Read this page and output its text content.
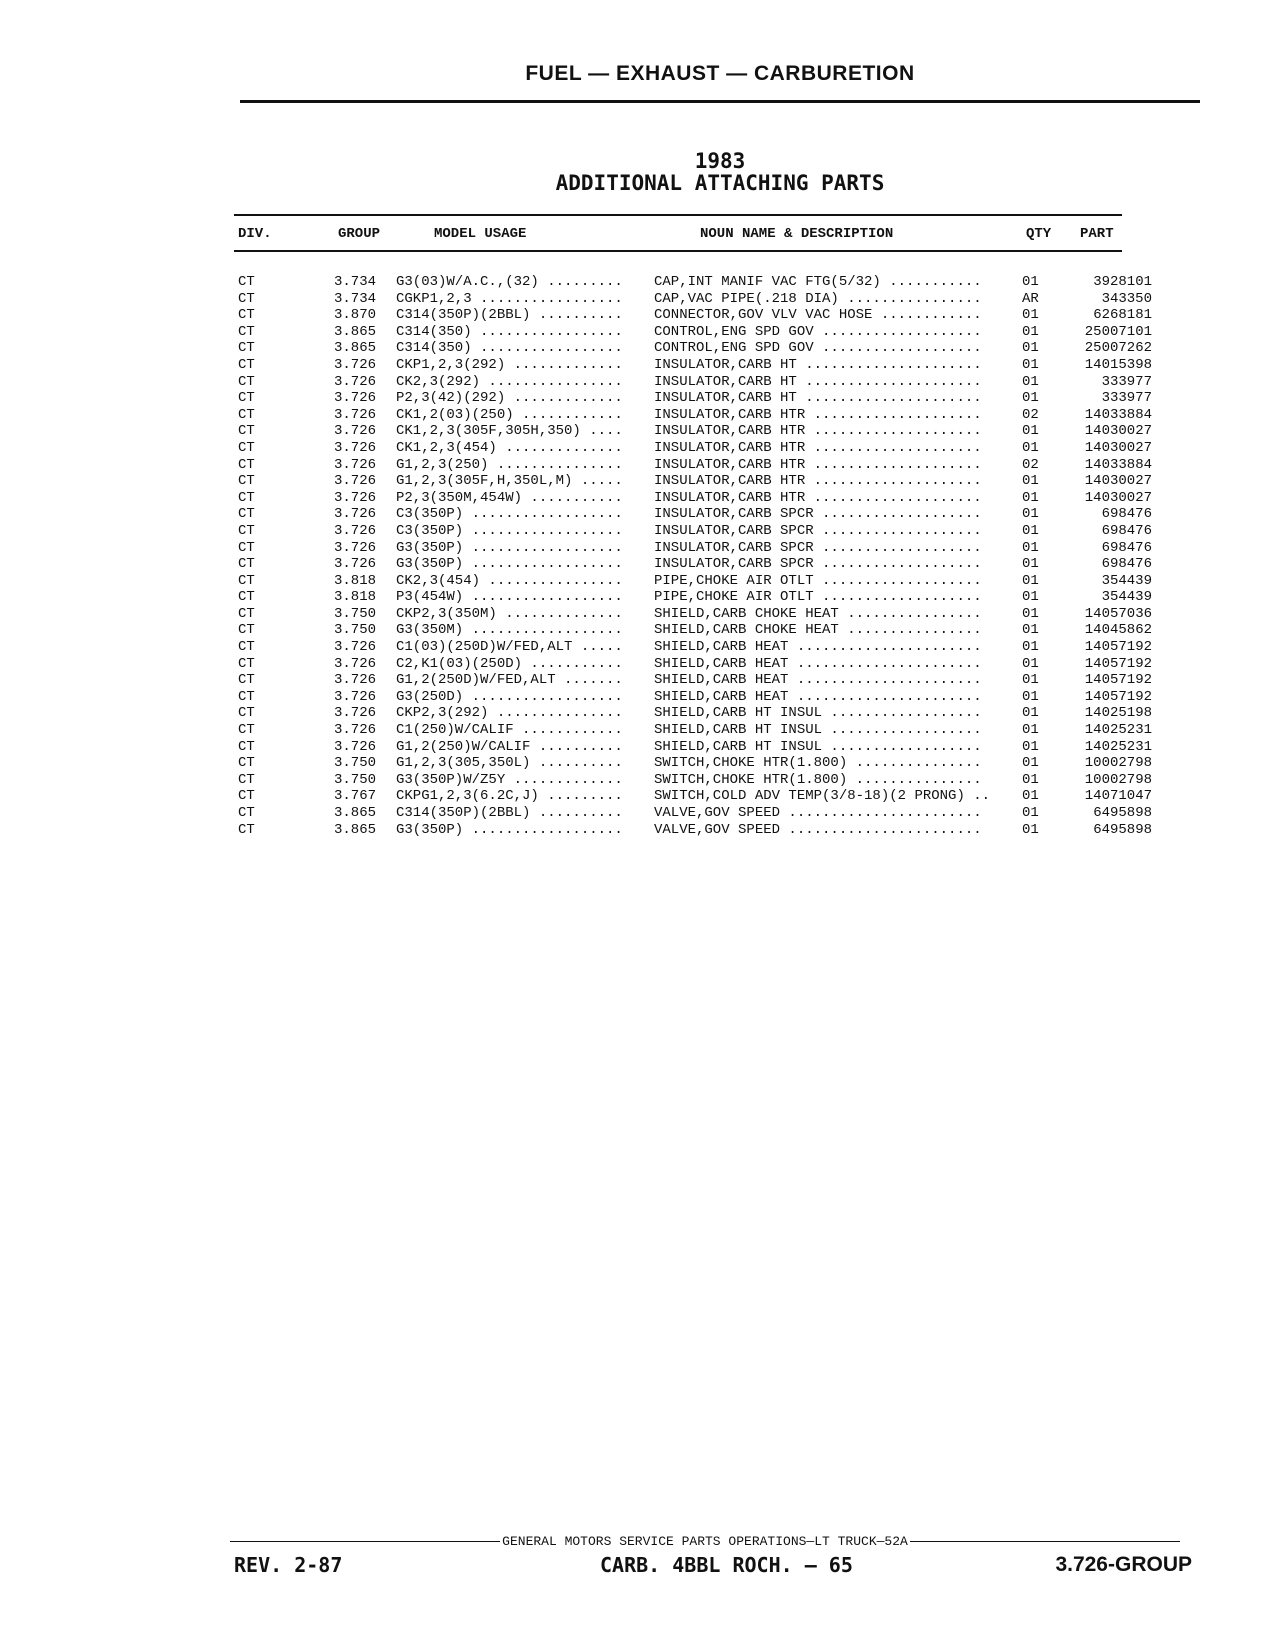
FUEL — EXHAUST — CARBURETION
1983
ADDITIONAL ATTACHING PARTS
DIV.	GROUP	MODEL USAGE	NOUN NAME & DESCRIPTION	QTY PART
CT	3.734 G3(03)W/A.C.,(32) .........	CAP,INT MANIF VAC FTG(5/32) ...........	01	3928101
CT	3.734 CGKP1,2,3 .................	CAP,VAC PIPE(.218 DIA) ................	AR	343350
CT	3.870 C314(350P)(2BBL) ..........	CONNECTOR,GOV VLV VAC HOSE ............	01	6268181
CT	3.865 C314(350) .................	CONTROL,ENG SPD GOV ...................	01	25007101
CT	3.865 C314(350) .................	CONTROL,ENG SPD GOV ...................	01	25007262
CT	3.726 CKP1,2,3(292) .............	INSULATOR,CARB HT .....................	01	14015398
CT	3.726 CK2,3(292) ................	INSULATOR,CARB HT .....................	01	333977
CT	3.726 P2,3(42)(292) .............	INSULATOR,CARB HT .....................	01	333977
CT	3.726 CK1,2(03)(250) ............	INSULATOR,CARB HTR ....................	02	14033884
CT	3.726 CK1,2,3(305F,305H,350) ....	INSULATOR,CARB HTR ....................	01	14030027
CT	3.726 CK1,2,3(454) ..............	INSULATOR,CARB HTR ....................	01	14030027
CT	3.726 G1,2,3(250) ...............	INSULATOR,CARB HTR ....................	02	14033884
CT	3.726 G1,2,3(305F,H,350L,M) .....	INSULATOR,CARB HTR ....................	01	14030027
CT	3.726 P2,3(350M,454W) ...........	INSULATOR,CARB HTR ....................	01	14030027
CT	3.726 C3(350P) ..................	INSULATOR,CARB SPCR ...................	01	698476
CT	3.726 C3(350P) ..................	INSULATOR,CARB SPCR ...................	01	698476
CT	3.726 G3(350P) ..................	INSULATOR,CARB SPCR ...................	01	698476
CT	3.726 G3(350P) ..................	INSULATOR,CARB SPCR ...................	01	698476
CT	3.818 CK2,3(454) ................	PIPE,CHOKE AIR OTLT ...................	01	354439
CT	3.818 P3(454W) ..................	PIPE,CHOKE AIR OTLT ...................	01	354439
CT	3.750 CKP2,3(350M) ..............	SHIELD,CARB CHOKE HEAT ................	01	14057036
CT	3.750 G3(350M) ..................	SHIELD,CARB CHOKE HEAT ................	01	14045862
CT	3.726 C1(03)(250D)W/FED,ALT .....	SHIELD,CARB HEAT ......................	01	14057192
CT	3.726 C2,K1(03)(250D) ...........	SHIELD,CARB HEAT ......................	01	14057192
CT	3.726 G1,2(250D)W/FED,ALT .......	SHIELD,CARB HEAT ......................	01	14057192
CT	3.726 G3(250D) ..................	SHIELD,CARB HEAT ......................	01	14057192
CT	3.726 CKP2,3(292) ...............	SHIELD,CARB HT INSUL ..................	01	14025198
CT	3.726 C1(250)W/CALIF ............	SHIELD,CARB HT INSUL ..................	01	14025231
CT	3.726 G1,2(250)W/CALIF ..........	SHIELD,CARB HT INSUL ..................	01	14025231
CT	3.750 G1,2,3(305,350L) ..........	SWITCH,CHOKE HTR(1.800) ...............	01	10002798
CT	3.750 G3(350P)W/Z5Y .............	SWITCH,CHOKE HTR(1.800) ...............	01	10002798
CT	3.767 CKPG1,2,3(6.2C,J) .........	SWITCH,COLD ADV TEMP(3/8-18)(2 PRONG) ..	01	14071047
CT	3.865 C314(350P)(2BBL) ..........	VALVE,GOV SPEED .......................	01	6495898
CT	3.865 G3(350P) ..................	VALVE,GOV SPEED .......................	01	6495898
GENERAL MOTORS SERVICE PARTS OPERATIONS—LT TRUCK—52A
REV. 2-87	CARB. 4BBL ROCH. — 65	3.726-GROUP
